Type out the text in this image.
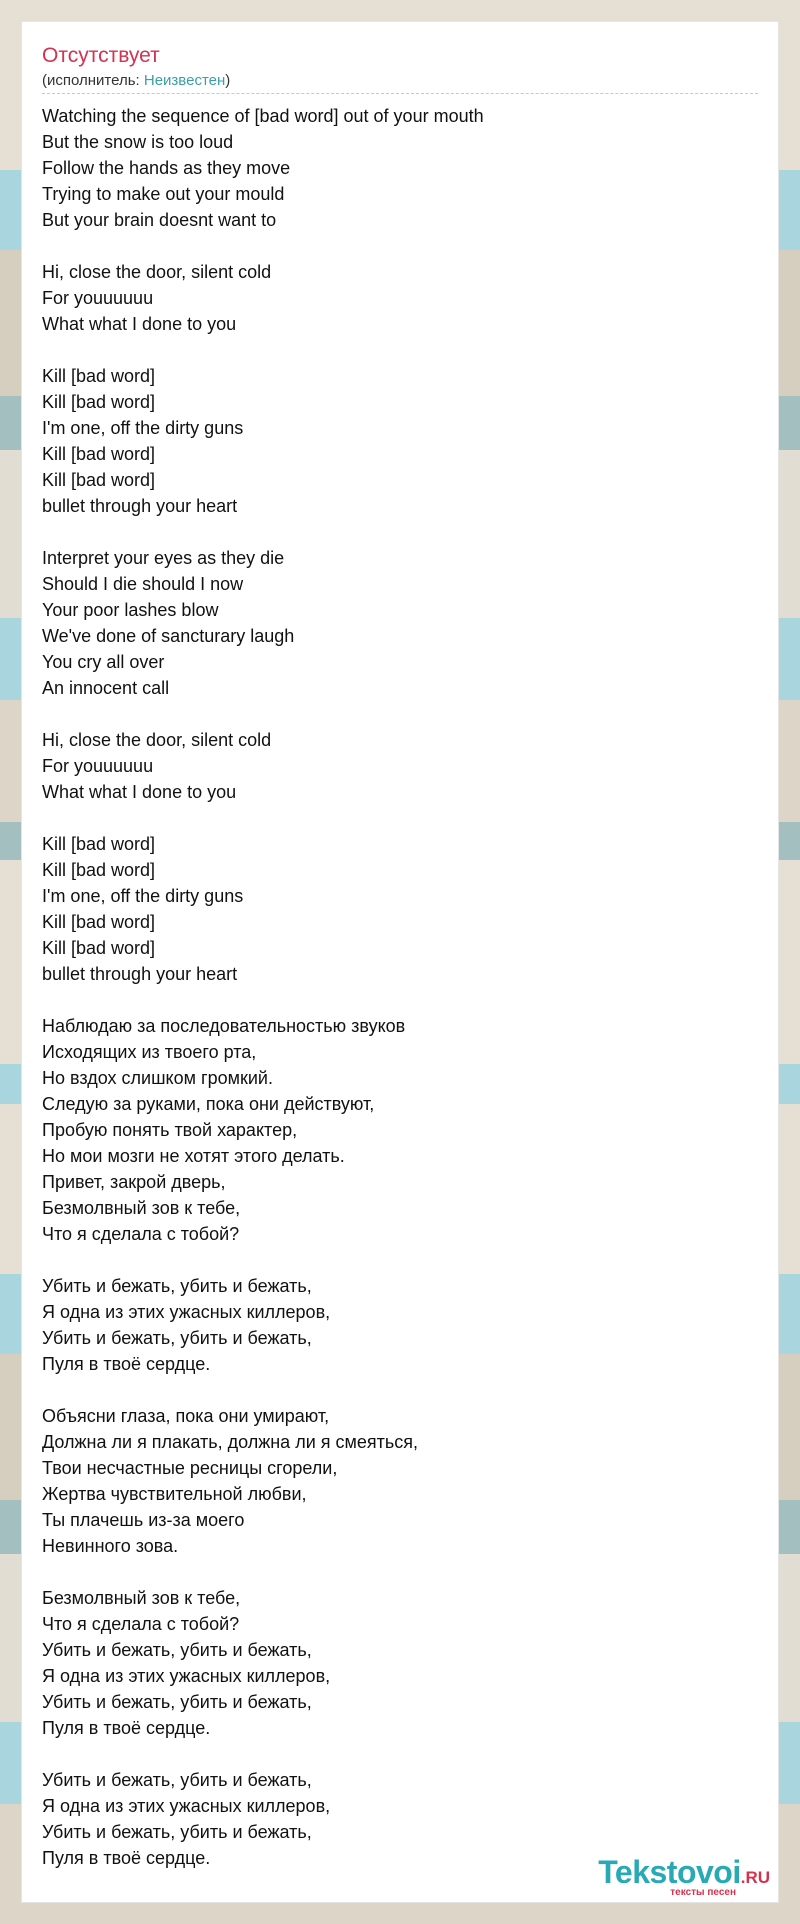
Отсутствует
(исполнитель: Неизвестен)
Watching the sequence of [bad word] out of your mouth
But the snow is too loud
Follow the hands as they move
Trying to make out your mould
But your brain doesnt want to
Hi, close the door, silent cold
For youuuuuu
What what I done to you
Kill [bad word]
Kill [bad word]
I'm one, off the dirty guns
Kill [bad word]
Kill [bad word]
bullet through your heart
Interpret your eyes as they die
Should I die should I now
Your poor lashes blow
We've done of sancturary laugh
You cry all over
An innocent call
Hi, close the door, silent cold
For youuuuuu
What what I done to you
Kill [bad word]
Kill [bad word]
I'm one, off the dirty guns
Kill [bad word]
Kill [bad word]
bullet through your heart
Наблюдаю за последовательностью звуков
Исходящих из твоего рта,
Но вздох слишком громкий.
Следую за руками, пока они действуют,
Пробую понять твой характер,
Но мои мозги не хотят этого делать.
Привет, закрой дверь,
Безмолвный зов к тебе,
Что я сделала с тобой?
Убить и бежать, убить и бежать,
Я одна из этих ужасных киллеров,
Убить и бежать, убить и бежать,
Пуля в твоё сердце.
Объясни глаза, пока они умирают,
Должна ли я плакать, должна ли я смеяться,
Твои несчастные ресницы сгорели,
Жертва чувствительной любви,
Ты плачешь из-за моего
Невинного зова.
Безмолвный зов к тебе,
Что я сделала с тобой?
Убить и бежать, убить и бежать,
Я одна из этих ужасных киллеров,
Убить и бежать, убить и бежать,
Пуля в твоё сердце.
Убить и бежать, убить и бежать,
Я одна из этих ужасных киллеров,
Убить и бежать, убить и бежать,
Пуля в твоё сердце.	Tekstovoi.RU
тексты песен
